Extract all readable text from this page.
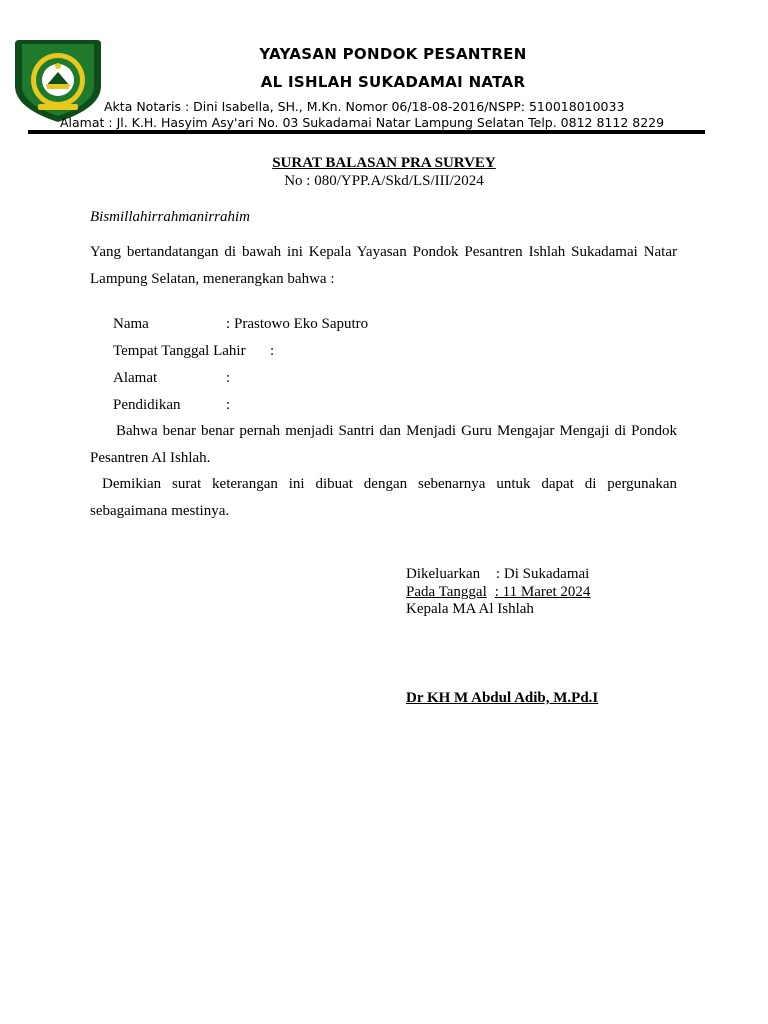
YAYASAN PONDOK PESANTREN
AL ISHLAH SUKADAMAI NATAR
Akta Notaris : Dini Isabella, SH., M.Kn. Nomor 06/18-08-2016/NSPP: 510018010033
Alamat : Jl. K.H. Hasyim Asy'ari No. 03 Sukadamai Natar Lampung Selatan Telp. 0812 8112 8229
SURAT BALASAN PRA SURVEY
No : 080/YPP.A/Skd/LS/III/2024
Bismillahirrahmanirrahim
Yang bertandatangan di bawah ini Kepala Yayasan Pondok Pesantren Ishlah Sukadamai Natar Lampung Selatan, menerangkan bahwa :
Nama	: Prastowo Eko Saputro
Tempat Tanggal Lahir :
Alamat	:
Pendidikan	:
Bahwa benar benar pernah menjadi Santri dan Menjadi Guru Mengajar Mengaji di Pondok Pesantren Al Ishlah.
Demikian surat keterangan ini dibuat dengan sebenarnya untuk dapat di pergunakan sebagaimana mestinya.
Dikeluarkan : Di Sukadamai
Pada Tanggal : 11 Maret 2024
Kepala MA Al Ishlah
Dr KH M Abdul Adib, M.Pd.I
